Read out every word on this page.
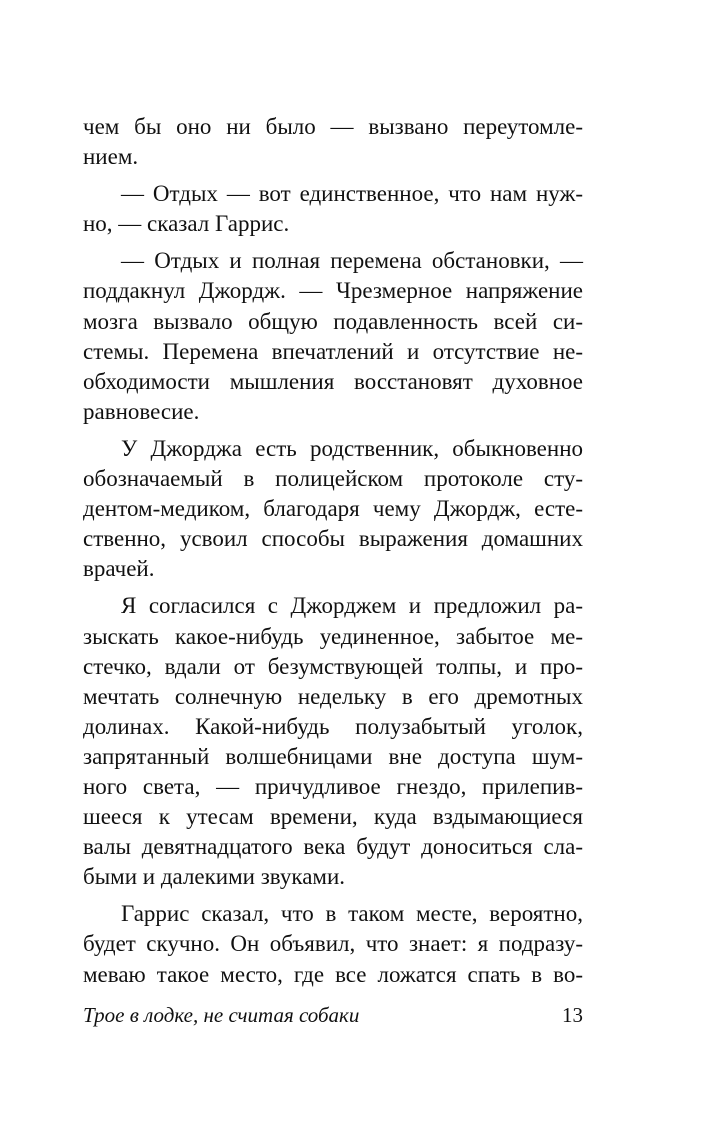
чем бы оно ни было — вызвано переутомле-
нием.
— Отдых — вот единственное, что нам нуж-
но, — сказал Гаррис.
— Отдых и полная перемена обстановки, —
поддакнул Джордж. — Чрезмерное напряжение
мозга вызвало общую подавленность всей си-
стемы. Перемена впечатлений и отсутствие не-
обходимости мышления восстановят духовное
равновесие.
У Джорджа есть родственник, обыкновенно
обозначаемый в полицейском протоколе сту-
дентом-медиком, благодаря чему Джордж, есте-
ственно, усвоил способы выражения домашних
врачей.
Я согласился с Джорджем и предложил ра-
зыскать какое-нибудь уединенное, забытое ме-
стечко, вдали от безумствующей толпы, и про-
мечтать солнечную недельку в его дремотных
долинах. Какой-нибудь полузабытый уголок,
запрятанный волшебницами вне доступа шум-
ного света, — причудливое гнездо, прилепив-
шееся к утесам времени, куда вздымающиеся
валы девятнадцатого века будут доноситься сла-
быми и далекими звуками.
Гаррис сказал, что в таком месте, вероятно,
будет скучно. Он объявил, что знает: я подразу-
меваю такое место, где все ложатся спать в во-
Трое в лодке, не считая собаки	13
